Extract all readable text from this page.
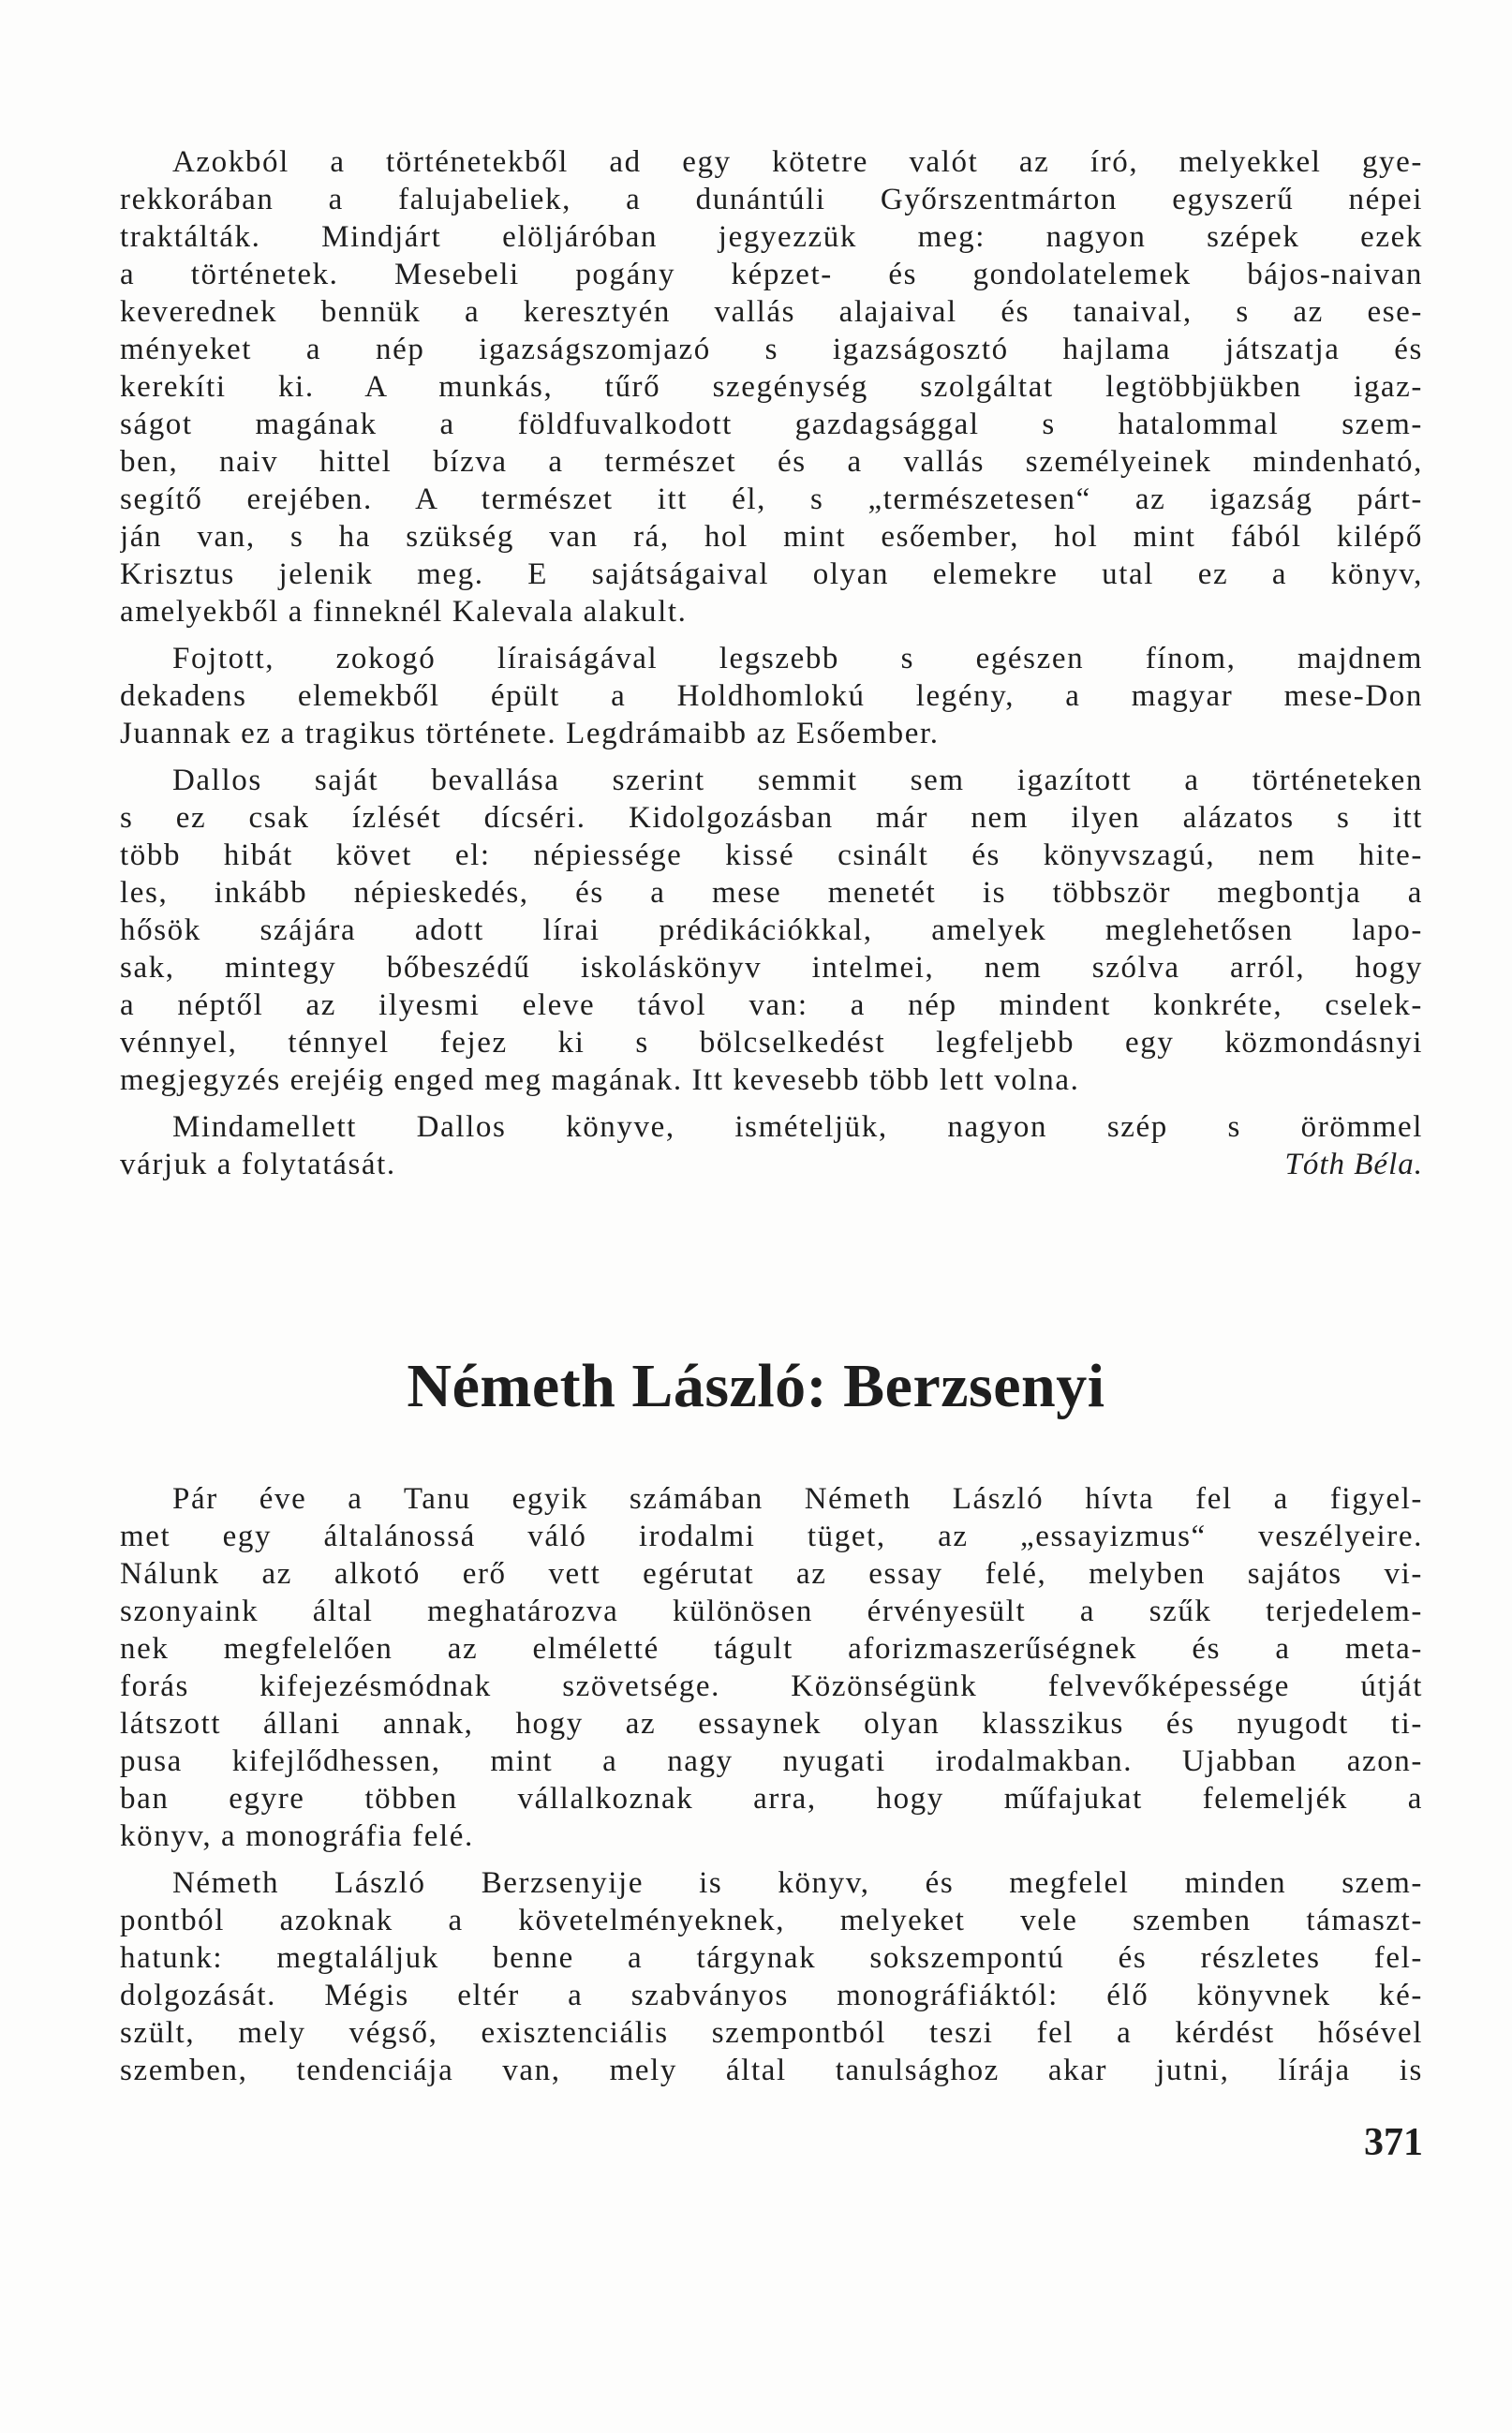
Azokból a történetekből ad egy kötetre valót az író, melyekkel gye-
rekkorában a falujabeliek, a dunántúli Győrszentmárton egyszerű népei
traktálták. Mindjárt elöljáróban jegyezzük meg: nagyon szépek ezek
a történetek. Mesebeli pogány képzet- és gondolatelemek bájos-naivan
keverednek bennük a keresztyén vallás alajaival és tanaival, s az ese-
ményeket a nép igazságszomjazó s igazságosztó hajlama játszatja és
kerekíti ki. A munkás, tűrő szegénység szolgáltat legtöbbjükben igaz-
ságot magának a földfuvalkodott gazdagsággal s hatalommal szem-
ben, naiv hittel bízva a természet és a vallás személyeinek mindenható,
segítő erejében. A természet itt él, s „természetesen“ az igazság párt-
ján van, s ha szükség van rá, hol mint esőember, hol mint fából kilépő
Krisztus jelenik meg. E sajátságaival olyan elemekre utal ez a könyv,
amelyekből a finneknél Kalevala alakult.
Fojtott, zokogó líraiságával legszebb s egészen fínom, majdnem
dekadens elemekből épült a Holdhomlokú legény, a magyar mese-Don
Juannak ez a tragikus története. Legdrámaibb az Esőember.
Dallos saját bevallása szerint semmit sem igazított a történeteken
s ez csak ízlését dícséri. Kidolgozásban már nem ilyen alázatos s itt
több hibát követ el: népiessége kissé csinált és könyvszagú, nem hite-
les, inkább népieskedés, és a mese menetét is többször megbontja a
hősök szájára adott lírai prédikációkkal, amelyek meglehetősen lapo-
sak, mintegy bőbeszédű iskoláskönyv intelmei, nem szólva arról, hogy
a néptől az ilyesmi eleve távol van: a nép mindent konkréte, cselek-
vénnyel, ténnyel fejez ki s bölcselkedést legfeljebb egy közmondásnyi
megjegyzés erejéig enged meg magának. Itt kevesebb több lett volna.
Mindamellett Dallos könyve, ismételjük, nagyon szép s örömmel
várjuk a folytatását.	Tóth Béla.
Németh László: Berzsenyi
Pár éve a Tanu egyik számában Németh László hívta fel a figyel-
met egy általánossá váló irodalmi tüget, az „essayizmus“ veszélyeire.
Nálunk az alkotó erő vett egérutat az essay felé, melyben sajátos vi-
szonyaink által meghatározva különösen érvényesült a szűk terjedelem-
nek megfelelően az elméletté tágult aforizmaszerűségnek és a meta-
forás kifejezésmódnak szövetsége. Közönségünk felvevőképessége útját
látszott állani annak, hogy az essaynek olyan klasszikus és nyugodt ti-
pusa kifejlődhessen, mint a nagy nyugati irodalmakban. Ujabban azon-
ban egyre többen vállalkoznak arra, hogy műfajukat felemeljék a
könyv, a monográfia felé.
Németh László Berzsenyije is könyv, és megfelel minden szem-
pontból azoknak a követelményeknek, melyeket vele szemben támaszt-
hatunk: megtaláljuk benne a tárgynak sokszempontú és részletes fel-
dolgozását. Mégis eltér a szabványos monográfiáktól: élő könyvnek ké-
szült, mely végső, exisztenciális szempontból teszi fel a kérdést hősével
szemben, tendenciája van, mely által tanulsághoz akar jutni, lírája is
371
